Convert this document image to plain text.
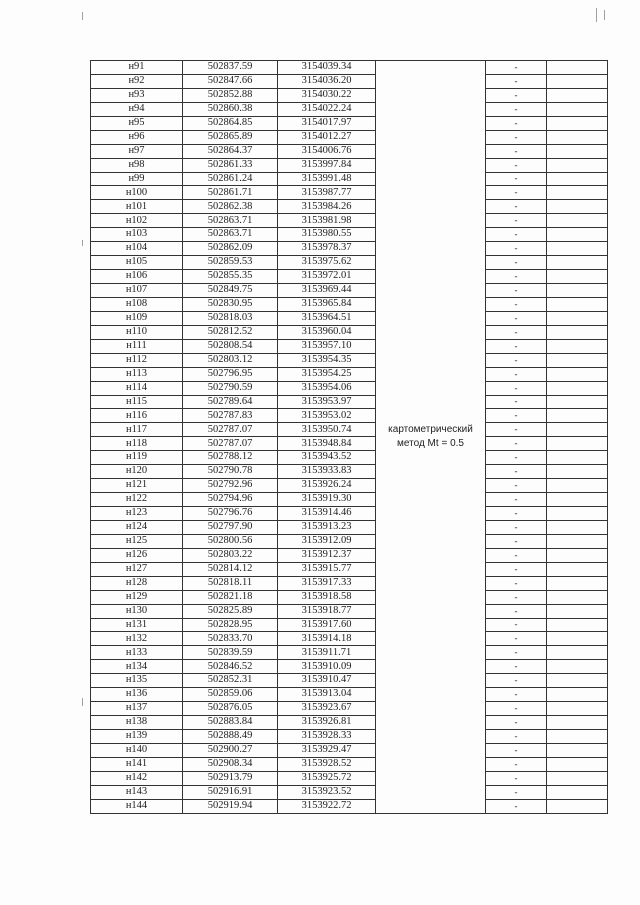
н91	502837.59	3154039.34	картометрический
метод Mt = 0.5	-	
н92	502847.66	3154036.20		-	
н93	502852.88	3154030.22		-	
н94	502860.38	3154022.24		-	
н95	502864.85	3154017.97		-	
н96	502865.89	3154012.27		-	
н97	502864.37	3154006.76		-	
н98	502861.33	3153997.84		-	
н99	502861.24	3153991.48		-	
н100	502861.71	3153987.77		-	
н101	502862.38	3153984.26		-	
н102	502863.71	3153981.98		-	
н103	502863.71	3153980.55		-	
н104	502862.09	3153978.37		-	
н105	502859.53	3153975.62		-	
н106	502855.35	3153972.01		-	
н107	502849.75	3153969.44		-	
н108	502830.95	3153965.84		-	
н109	502818.03	3153964.51		-	
н110	502812.52	3153960.04		-	
н111	502808.54	3153957.10		-	
н112	502803.12	3153954.35		-	
н113	502796.95	3153954.25		-	
н114	502790.59	3153954.06		-	
н115	502789.64	3153953.97		-	
н116	502787.83	3153953.02		-	
н117	502787.07	3153950.74		-	
н118	502787.07	3153948.84		-	
н119	502788.12	3153943.52		-	
н120	502790.78	3153933.83		-	
н121	502792.96	3153926.24		-	
н122	502794.96	3153919.30		-	
н123	502796.76	3153914.46		-	
н124	502797.90	3153913.23		-	
н125	502800.56	3153912.09		-	
н126	502803.22	3153912.37		-	
н127	502814.12	3153915.77		-	
н128	502818.11	3153917.33		-	
н129	502821.18	3153918.58		-	
н130	502825.89	3153918.77		-	
н131	502828.95	3153917.60		-	
н132	502833.70	3153914.18		-	
н133	502839.59	3153911.71		-	
н134	502846.52	3153910.09		-	
н135	502852.31	3153910.47		-	
н136	502859.06	3153913.04		-	
н137	502876.05	3153923.67		-	
н138	502883.84	3153926.81		-	
н139	502888.49	3153928.33		-	
н140	502900.27	3153929.47		-	
н141	502908.34	3153928.52		-	
н142	502913.79	3153925.72		-	
н143	502916.91	3153923.52		-	
н144	502919.94	3153922.72		-	
